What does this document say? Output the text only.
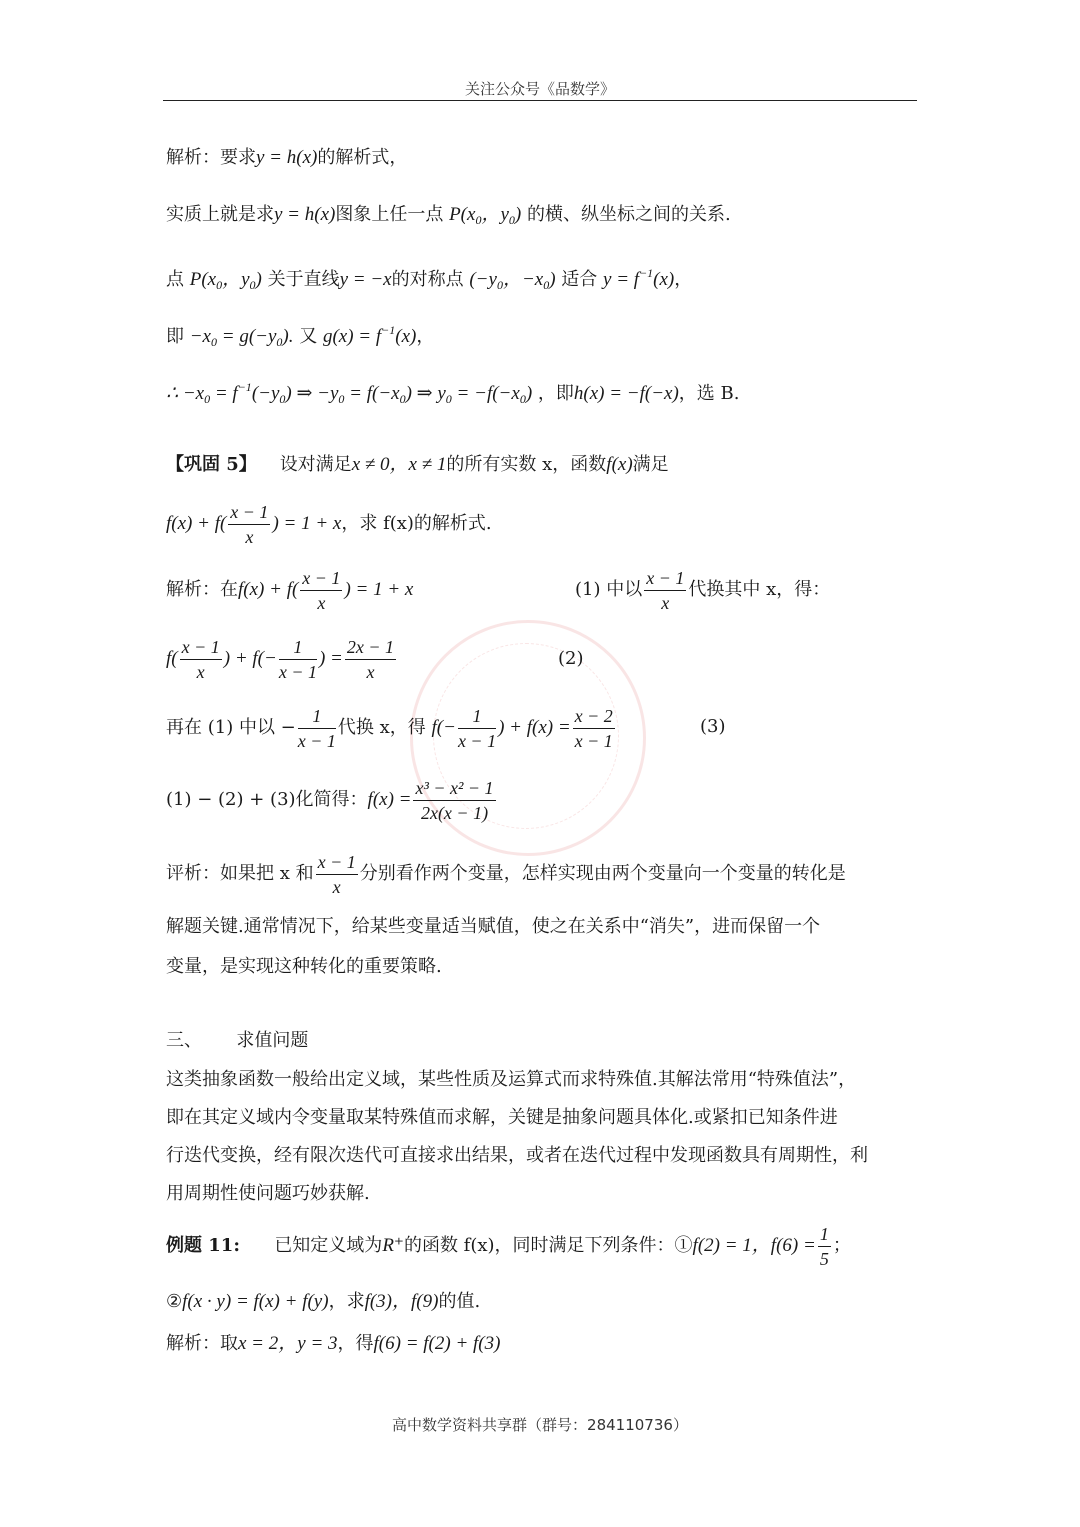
关注公众号《品数学》
解析：要求y = h(x)的解析式，
实质上就是求y = h(x)图象上任一点 $P(x_0$，$y_0$) 的横、纵坐标之间的关系.
点 $P(x_0$，$y_0$) 关于直线y = −x的对称点 ($-y_0$，$-x_0$) 适合 $y = f^{-1}(x)$，
即 $-x_0 = g(-y_0)$. 又 $g(x) = f^{-1}(x)$，
∴ $-x_0 = f^{-1}(-y_0)$ ⇒ $-y_0 = f(-x_0)$ ⇒ $y_0 = -f(-x_0)$ ，即h(x) = −f(−x)，选 B.
【巩固 5】 设对满足x ≠ 0，x ≠ 1的所有实数 x，函数f(x)满足
$f(x) + f( \frac{x - 1}{x}$ ) = 1 + x，求 f(x)的解析式.
解析：在$f(x) + f( \frac{x - 1}{x}$ ) = 1 + x	(1) 中以 $\frac{x - 1}{x}$ 代换其中 x，得：
$f( \frac{x - 1}{x}$ ) + $f(- \frac{1}{x - 1}$ ) = $\frac{2x - 1}{x}$	(2)
再在 (1) 中以 − $\frac{1}{x - 1}$ 代换 x，得 $f(- \frac{1}{x - 1}$ ) + $f(x) = \frac{x - 2}{x - 1}$	(3)
(1) − (2) + (3)化简得：$f(x) = \frac{\text{x³ − x² − 1}}{2x(x - 1)}$
评析：如果把 x 和 $\frac{x - 1}{x}$ 分别看作两个变量，怎样实现由两个变量向一个变量的转化是
解题关键.通常情况下，给某些变量适当赋值，使之在关系中“消失”，进而保留一个
变量，是实现这种转化的重要策略.
三、      求值问题
这类抽象函数一般给出定义域，某些性质及运算式而求特殊值.其解法常用“特殊值法”，
即在其定义域内令变量取某特殊值而求解，关键是抽象问题具体化.或紧扣已知条件进
行迭代变换，经有限次迭代可直接求出结果，或者在迭代过程中发现函数具有周期性，利
用周期性使问题巧妙获解.
例题 11: 已知定义域为R⁺的函数 f(x)，同时满足下列条件：①f(2) = 1，$f(6) = \frac{1}{5}$ ；
②f(x · y) = f(x) + f(y)，求f(3)，f(9)的值.
解析：取x = 2，y = 3，得f(6) = f(2) + f(3)
高中数学资料共享群（群号：284110736）
